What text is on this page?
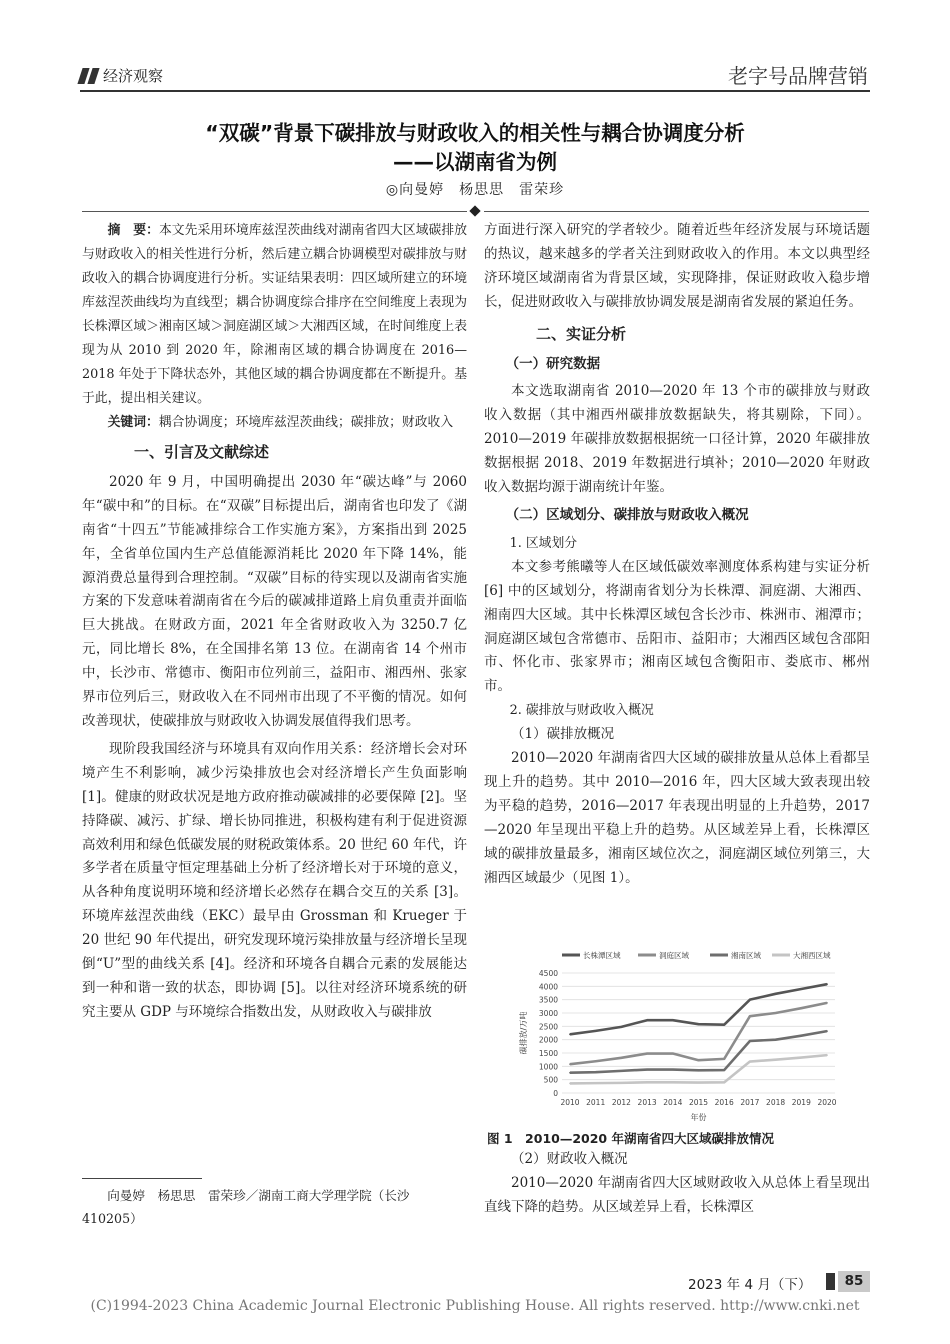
经济观察	老字号品牌营销
“双碳”背景下碳排放与财政收入的相关性与耦合协调度分析
——以湖南省为例
◎向曼婷　杨思思　雷荣珍

摘　要：本文先采用环境库兹涅茨曲线对湖南省四大区域碳排放与财政收入的相关性进行分析，然后建立耦合协调模型对碳排放与财政收入的耦合协调度进行分析。实证结果表明：四区域所建立的环境库兹涅茨曲线均为直线型；耦合协调度综合排序在空间维度上表现为长株潭区域＞湘南区域＞洞庭湖区域＞大湘西区域，在时间维度上表现为从 2010 到 2020 年，除湘南区域的耦合协调度在 2016—2018 年处于下降状态外，其他区域的耦合协调度都在不断提升。基于此，提出相关建议。

关键词：耦合协调度；环境库兹涅茨曲线；碳排放；财政收入

一、引言及文献综述

2020 年 9 月，中国明确提出 2030 年“碳达峰”与 2060 年“碳中和”的目标。在“双碳”目标提出后，湖南省也印发了《湖南省“十四五”节能减排综合工作实施方案》，方案指出到 2025 年，全省单位国内生产总值能源消耗比 2020 年下降 14%，能源消费总量得到合理控制。“双碳”目标的待实现以及湖南省实施方案的下发意味着湖南省在今后的碳减排道路上肩负重责并面临巨大挑战。在财政方面，2021 年全省财政收入为 3250.7 亿元，同比增长 8%，在全国排名第 13 位。在湖南省 14 个州市中，长沙市、常德市、衡阳市位列前三，益阳市、湘西州、张家界市位列后三，财政收入在不同州市出现了不平衡的情况。如何改善现状，使碳排放与财政收入协调发展值得我们思考。

现阶段我国经济与环境具有双向作用关系：经济增长会对环境产生不利影响，减少污染排放也会对经济增长产生负面影响 [1]。健康的财政状况是地方政府推动碳减排的必要保障 [2]。坚持降碳、减污、扩绿、增长协同推进，积极构建有利于促进资源高效利用和绿色低碳发展的财税政策体系。20 世纪 60 年代，许多学者在质量守恒定理基础上分析了经济增长对于环境的意义，从各种角度说明环境和经济增长必然存在耦合交互的关系 [3]。环境库兹涅茨曲线（EKC）最早由 Grossman 和 Krueger 于 20 世纪 90 年代提出，研究发现环境污染排放量与经济增长呈现倒“U”型的曲线关系 [4]。经济和环境各自耦合元素的发展能达到一种和谐一致的状态，即协调 [5]。以往对经济环境系统的研究主要从 GDP 与环境综合指数出发，从财政收入与碳排放

向曼婷　杨思思　雷荣珍／湖南工商大学理学院（长沙 410205）

方面进行深入研究的学者较少。随着近些年经济发展与环境话题的热议，越来越多的学者关注到财政收入的作用。本文以典型经济环境区域湖南省为背景区域，实现降排，保证财政收入稳步增长，促进财政收入与碳排放协调发展是湖南省发展的紧迫任务。

二、实证分析

（一）研究数据

本文选取湖南省 2010—2020 年 13 个市的碳排放与财政收入数据（其中湘西州碳排放数据缺失，将其剔除，下同）。2010—2019 年碳排放数据根据统一口径计算，2020 年碳排放数据根据 2018、2019 年数据进行填补；2010—2020 年财政收入数据均源于湖南统计年鉴。

（二）区域划分、碳排放与财政收入概况

1. 区域划分

本文参考熊曦等人在区域低碳效率测度体系构建与实证分析 [6] 中的区域划分，将湖南省划分为长株潭、洞庭湖、大湘西、湘南四大区域。其中长株潭区域包含长沙市、株洲市、湘潭市；洞庭湖区域包含常德市、岳阳市、益阳市；大湘西区域包含邵阳市、怀化市、张家界市；湘南区域包含衡阳市、娄底市、郴州市。

2. 碳排放与财政收入概况

（1）碳排放概况

2010—2020 年湖南省四大区域的碳排放量从总体上看都呈现上升的趋势。其中 2010—2016 年，四大区域大致表现出较为平稳的趋势，2016—2017 年表现出明显的上升趋势，2017—2020 年呈现出平稳上升的趋势。从区域差异上看，长株潭区域的碳排放量最多，湘南区域位次之，洞庭湖区域位列第三，大湘西区域最少（见图 1）。

0
500
1000
1500
2000
2500
3000
3500
4000
4500
2010 2011 2012 2013 2014 2015 2016 2017 2018 2019 2020
年份
碳排放/万吨
长株潭区域	洞庭区域	湘南区域	大湘西区域
图 1　2010—2020 年湖南省四大区域碳排放情况

（2）财政收入概况

2010—2020 年湖南省四大区域财政收入从总体上看呈现出直线下降的趋势。从区域差异上看，长株潭区

2023 年 4 月（下）	85
(C)1994-2023 China Academic Journal Electronic Publishing House. All rights reserved. http://www.cnki.net
